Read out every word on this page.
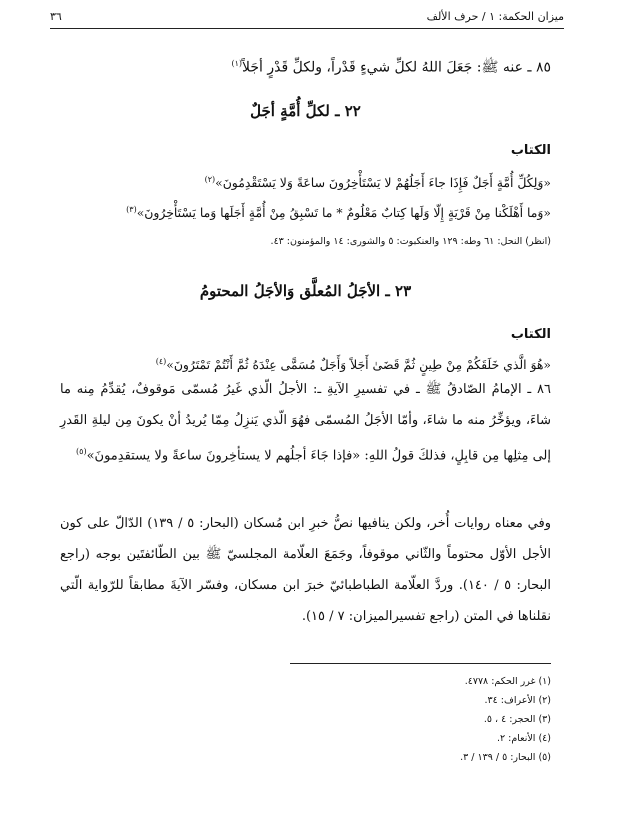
ميزان الحكمة: ١ / حرف الألف
٣٦
٨٥ ـ عنه ﷺ: جَعَلَ اللهُ لكلِّ شيءٍ قَدْراً، ولكلِّ قَدْرٍ أجَلاً$^{(١)}$
٢٢ ـ لكلِّ أُمَّةٍ أجَلٌ
الكتاب
«وَلِكُلِّ أُمَّةٍ أَجَلٌ فَإِذَا جاءَ أَجَلُهُمْ لا يَسْتَأْخِرُونَ ساعَةً وَلا يَسْتَقْدِمُونَ»$^{(٢)}$
«وَما أَهْلَكْنا مِنْ قَرْيَةٍ إِلّا وَلَها كِتابٌ مَعْلُومٌ * ما تَسْبِقُ مِنْ أُمَّةٍ أَجَلَها وَما يَسْتَأْخِرُونَ»$^{(٣)}$
(انظر) النحل: ٦١ وطه: ١٢٩ والعنكبوت: ٥ والشورى: ١٤ والمؤمنون: ٤٣.
٢٣ ـ الأجَلُ المُعلَّق وَالأجَلُ المحتومُ
الكتاب
«هُوَ الَّذي خَلَقَكُمْ مِنْ طِينٍ ثُمَّ قَضَىٰ أَجَلاً وَأَجَلٌ مُسَمًّى عِنْدَهُ ثُمَّ أَنْتُمْ تَمْتَرُونَ»$^{(٤)}$
٨٦ ـ الإمامُ الصّادقُ ﷺ ـ في تفسيرِ الآيةِ ـ: الأجلُ الّذي غَيرُ مُسمّى مَوقوفٌ، يُقدِّمُ مِنه ما شاءَ، ويؤخِّرُ منه ما شاءَ، وأمّا الأجَلُ المُسمّى فهُوَ الّذي يَنزِلُ مِمّا يُريدُ أنْ يكونَ مِن ليلةِ القَدرِ إلى مِثلِها مِن قابِلٍ، فذلكَ قولُ اللهِ: «فإذا جَاءَ أجلُهم لا يستأخِرونَ ساعةً ولا يستقدِمونَ»$^{(٥)}$
وفي معناه روايات أُخر، ولكن ينافيها نصُّ خبرِ ابن مُسكان (البحار: ٥ / ١٣٩) الدّالّ على كون الأجل الأوّل محتوماً والثّاني موقوفاً، وجَمَعَ العلّامة المجلسيّ ﷺ بين الطّائفتَين بوجه (راجع البحار: ٥ / ١٤٠). وردَّ العلّامة الطباطبائيّ خبرَ ابن مسكان، وفسّر الآيةَ مطابقاً للرّواية الّتي نقلناها في المتن (راجع تفسيرالميزان: ٧ / ١٥).
(١) غرر الحكم: ٤٧٧٨.
(٢) الأعراف: ٣٤.
(٣) الحجر: ٤ ، ٥.
(٤) الأنعام: ٢.
(٥) البحار: ٥ / ١٣٩ / ٣.
